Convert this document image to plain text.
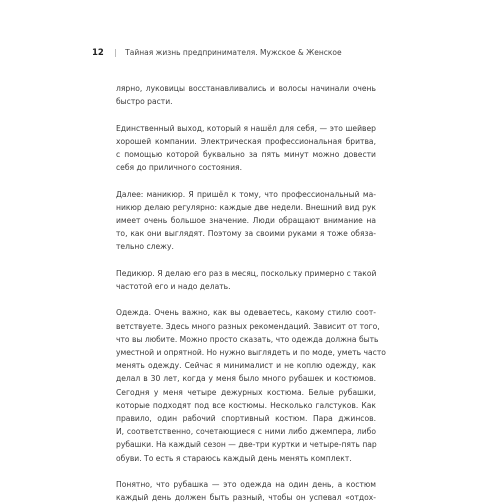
12 | Тайная жизнь предпринимателя. Мужское & Женское

лярно, луковицы восстанавливались и волосы начинали очень
быстро расти.

Единственный выход, который я нашёл для себя, — это шейвер
хорошей компании. Электрическая профессиональная бритва,
с помощью которой буквально за пять минут можно довести
себя до приличного состояния.

Далее: маникюр. Я пришёл к тому, что профессиональный ма-
никюр делаю регулярно: каждые две недели. Внешний вид рук
имеет очень большое значение. Люди обращают внимание на
то, как они выглядят. Поэтому за своими руками я тоже обяза-
тельно слежу.

Педикюр. Я делаю его раз в месяц, поскольку примерно с такой
частотой его и надо делать.

Одежда. Очень важно, как вы одеваетесь, какому стилю соот-
ветствуете. Здесь много разных рекомендаций. Зависит от того,
что вы любите. Можно просто сказать, что одежда должна быть
уместной и опрятной. Но нужно выглядеть и по моде, уметь часто
менять одежду. Сейчас я минималист и не коплю одежду, как
делал в 30 лет, когда у меня было много рубашек и костюмов.
Сегодня у меня четыре дежурных костюма. Белые рубашки,
которые подходят под все костюмы. Несколько галстуков. Как
правило, один рабочий спортивный костюм. Пара джинсов.
И, соответственно, сочетающиеся с ними либо джемпера, либо
рубашки. На каждый сезон — две-три куртки и четыре-пять пар
обуви. То есть я стараюсь каждый день менять комплект.

Понятно, что рубашка — это одежда на один день, а костюм
каждый день должен быть разный, чтобы он успевал «отдох-
